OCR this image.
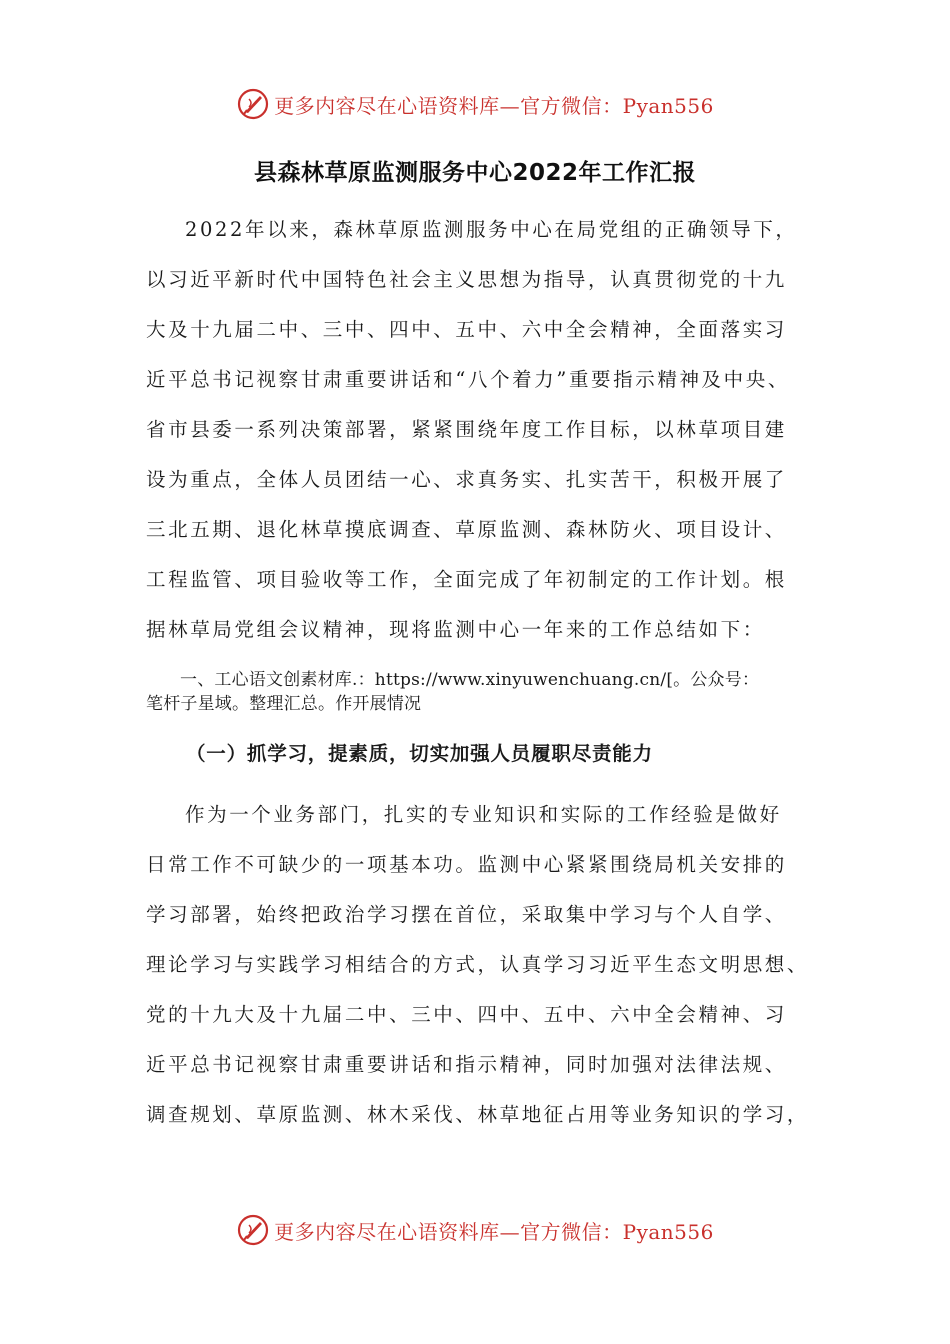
更多内容尽在心语资料库—官方微信：Pyan556
县森林草原监测服务中心2022年工作汇报
2022年以来，森林草原监测服务中心在局党组的正确领导下，
以习近平新时代中国特色社会主义思想为指导，认真贯彻党的十九
大及十九届二中、三中、四中、五中、六中全会精神，全面落实习
近平总书记视察甘肃重要讲话和“八个着力”重要指示精神及中央、
省市县委一系列决策部署，紧紧围绕年度工作目标，以林草项目建
设为重点，全体人员团结一心、求真务实、扎实苦干，积极开展了
三北五期、退化林草摸底调查、草原监测、森林防火、项目设计、
工程监管、项目验收等工作，全面完成了年初制定的工作计划。根
据林草局党组会议精神，现将监测中心一年来的工作总结如下：
一、工心语文创素材库.：https://www.xinyuwenchuang.cn/[。公众号：
笔杆子星域。整理汇总。作开展情况
（一）抓学习，提素质，切实加强人员履职尽责能力
作为一个业务部门，扎实的专业知识和实际的工作经验是做好
日常工作不可缺少的一项基本功。监测中心紧紧围绕局机关安排的
学习部署，始终把政治学习摆在首位，采取集中学习与个人自学、
理论学习与实践学习相结合的方式，认真学习习近平生态文明思想、
党的十九大及十九届二中、三中、四中、五中、六中全会精神、习
近平总书记视察甘肃重要讲话和指示精神，同时加强对法律法规、
调查规划、草原监测、林木采伐、林草地征占用等业务知识的学习，
更多内容尽在心语资料库—官方微信：Pyan556
